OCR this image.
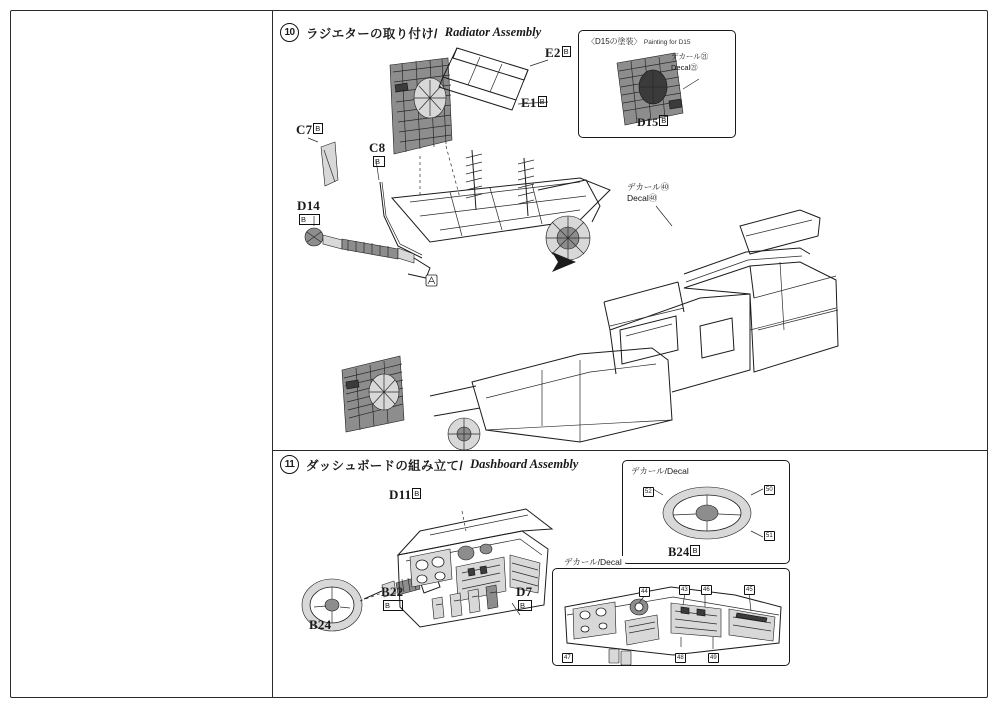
10 ラジエターの取り付け/ Radiator Assembly
E2 B
E1 B
C7 B
C8
B
D14
B
デカール㊵
Decal㊵
〈D15の塗装〉 Painting for D15
デカール㉑
Decal㉑
D15 B
11 ダッシュボードの組み立て/ Dashboard Assembly
D11 B
B22
B
B24
D7
B
デカール/Decal
52	50
51
B24 B
デカール/Decal
44	43	46	45
47	48	49
